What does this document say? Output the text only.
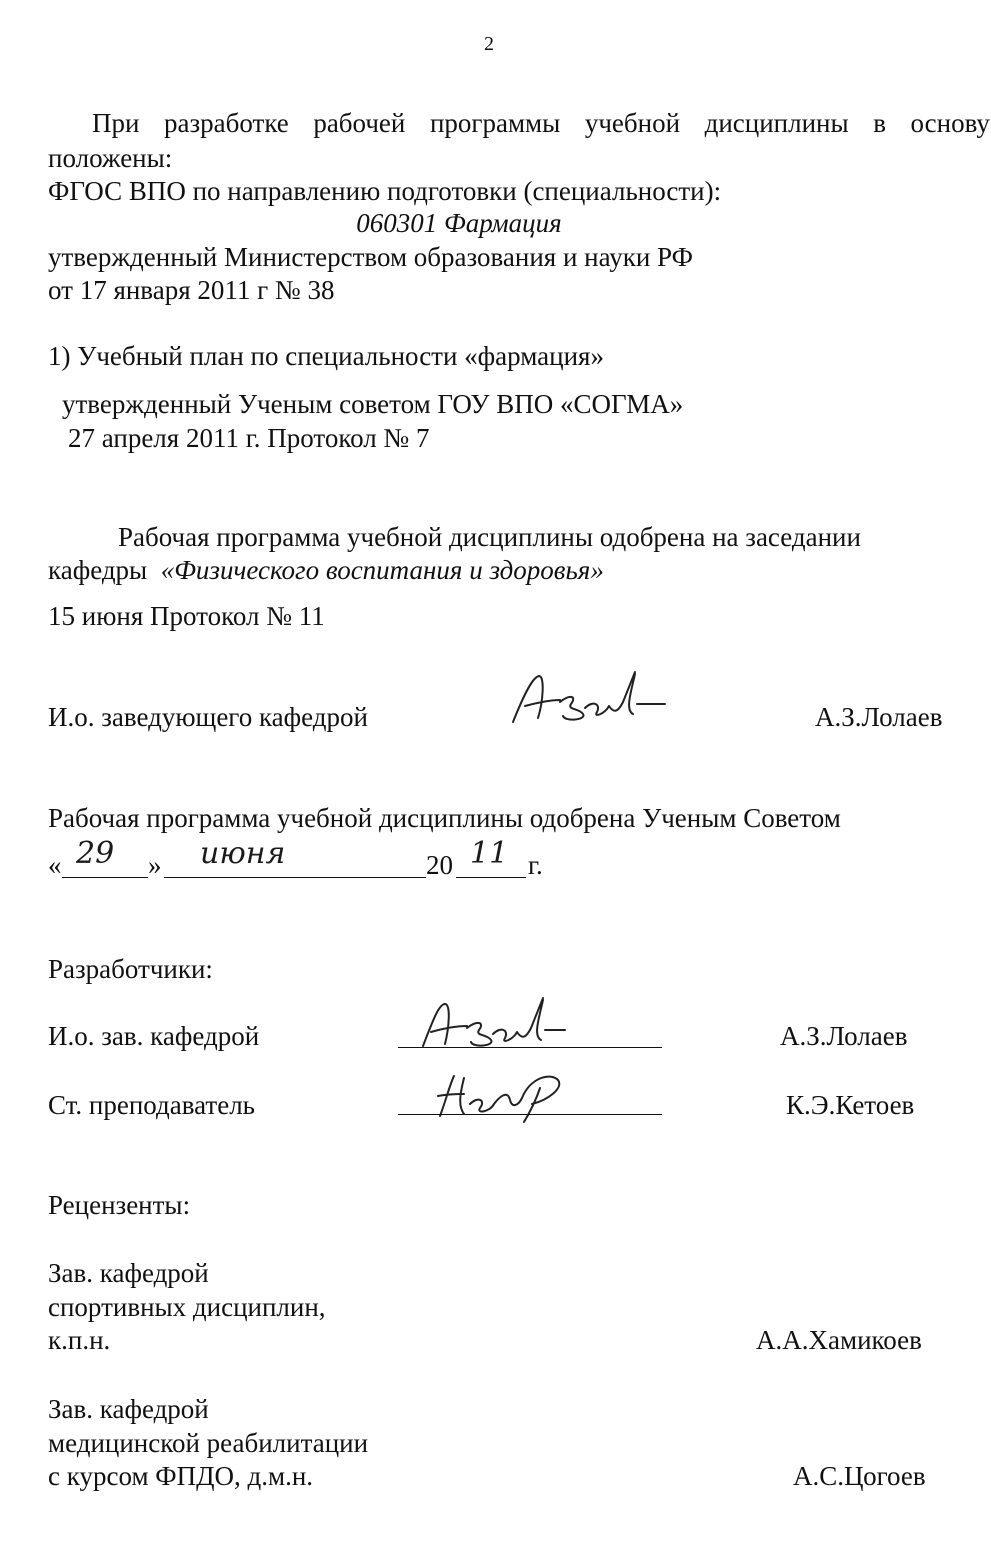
2
При разработке рабочей программы учебной дисциплины в основу
положены:
ФГОС ВПО по направлению подготовки (специальности):
060301 Фармация
утвержденный Министерством образования и науки РФ
от 17 января 2011 г № 38
1) Учебный план по специальности «фармация»
утвержденный Ученым советом ГОУ ВПО «СОГМА»
27 апреля 2011 г. Протокол № 7
Рабочая программа учебной дисциплины одобрена на заседании
кафедры «Физического воспитания и здоровья»
15 июня Протокол № 11
И.о. заведующего кафедрой	А.З.Лолаев
Рабочая программа учебной дисциплины одобрена Ученым Советом
« 29 » июня	20 11 г.
Разработчики:
И.о. зав. кафедрой	А.З.Лолаев
Ст. преподаватель	К.Э.Кетоев
Рецензенты:
Зав. кафедрой
спортивных дисциплин,
к.п.н.	А.А.Хамикоев
Зав. кафедрой
медицинской реабилитации
с курсом ФПДО, д.м.н.	А.С.Цогоев
